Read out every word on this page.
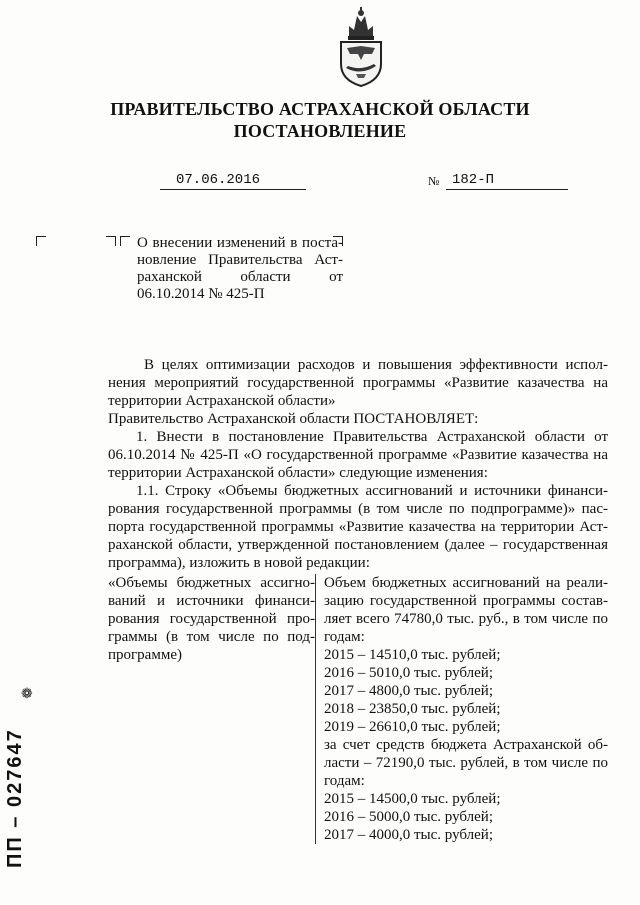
ПРАВИТЕЛЬСТВО АСТРАХАНСКОЙ ОБЛАСТИ
ПОСТАНОВЛЕНИЕ
07.06.2016	№ 182-П
О внесении изменений в поста-
новление Правительства Аст-
раханской области от
06.10.2014 № 425-П
В целях оптимизации расходов и повышения эффективности испол-
нения мероприятий государственной программы «Развитие казачества на
территории Астраханской области»
Правительство Астраханской области ПОСТАНОВЛЯЕТ:
1. Внести в постановление Правительства Астраханской области от
06.10.2014 № 425-П «О государственной программе «Развитие казачества на
территории Астраханской области» следующие изменения:
1.1. Строку «Объемы бюджетных ассигнований и источники финанси-
рования государственной программы (в том числе по подпрограмме)» пас-
порта государственной программы «Развитие казачества на территории Аст-
раханской области, утвержденной постановлением (далее – государственная
программа), изложить в новой редакции:
«Объемы бюджетных ассигно-
ваний и источники финанси-
рования государственной про-
граммы (в том числе по под-
программе)
Объем бюджетных ассигнований на реали-
зацию государственной программы состав-
ляет всего 74780,0 тыс. руб., в том числе по
годам:
2015 – 14510,0 тыс. рублей;
2016 – 5010,0 тыс. рублей;
2017 – 4800,0 тыс. рублей;
2018 – 23850,0 тыс. рублей;
2019 – 26610,0 тыс. рублей;
за счет средств бюджета Астраханской об-
ласти – 72190,0 тыс. рублей, в том числе по
годам:
2015 – 14500,0 тыс. рублей;
2016 – 5000,0 тыс. рублей;
2017 – 4000,0 тыс. рублей;
❁
ПП – 027647
